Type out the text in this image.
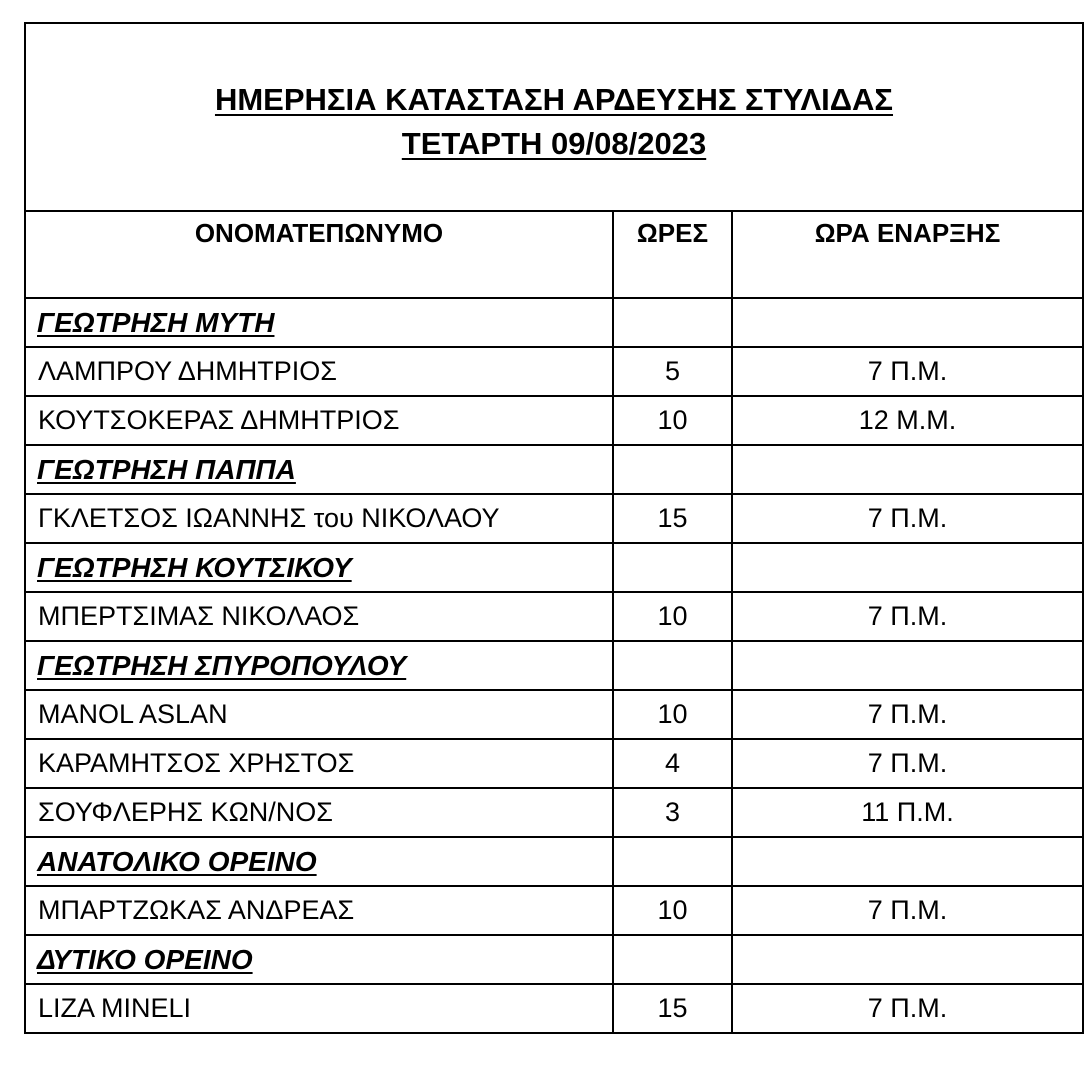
ΗΜΕΡΗΣΙΑ ΚΑΤΑΣΤΑΣΗ ΑΡΔΕΥΣΗΣ ΣΤΥΛΙΔΑΣ
ΤΕΤΑΡΤΗ 09/08/2023		

ΟΝΟΜΑΤΕΠΩΝΥΜΟ	ΩΡΕΣ	ΩΡΑ ΕΝΑΡΞΗΣ
ΓΕΩΤΡΗΣΗ ΜΥΤΗ		
ΛΑΜΠΡΟΥ ΔΗΜΗΤΡΙΟΣ	5	7 Π.Μ.
ΚΟΥΤΣΟΚΕΡΑΣ ΔΗΜΗΤΡΙΟΣ	10	12 Μ.Μ.
ΓΕΩΤΡΗΣΗ ΠΑΠΠΑ		
ΓΚΛΕΤΣΟΣ ΙΩΑΝΝΗΣ του ΝΙΚΟΛΑΟΥ	15	7 Π.Μ.
ΓΕΩΤΡΗΣΗ ΚΟΥΤΣΙΚΟΥ		
ΜΠΕΡΤΣΙΜΑΣ ΝΙΚΟΛΑΟΣ	10	7 Π.Μ.
ΓΕΩΤΡΗΣΗ ΣΠΥΡΟΠΟΥΛΟΥ		
MANOL ASLAN	10	7 Π.Μ.
ΚΑΡΑΜΗΤΣΟΣ ΧΡΗΣΤΟΣ	4	7 Π.Μ.
ΣΟΥΦΛΕΡΗΣ ΚΩΝ/ΝΟΣ	3	11 Π.Μ.
ΑΝΑΤΟΛΙΚΟ ΟΡΕΙΝΟ		
ΜΠΑΡΤΖΩΚΑΣ ΑΝΔΡΕΑΣ	10	7 Π.Μ.
ΔΥΤΙΚΟ ΟΡΕΙΝΟ		
LIZA MINELI	15	7 Π.Μ.
